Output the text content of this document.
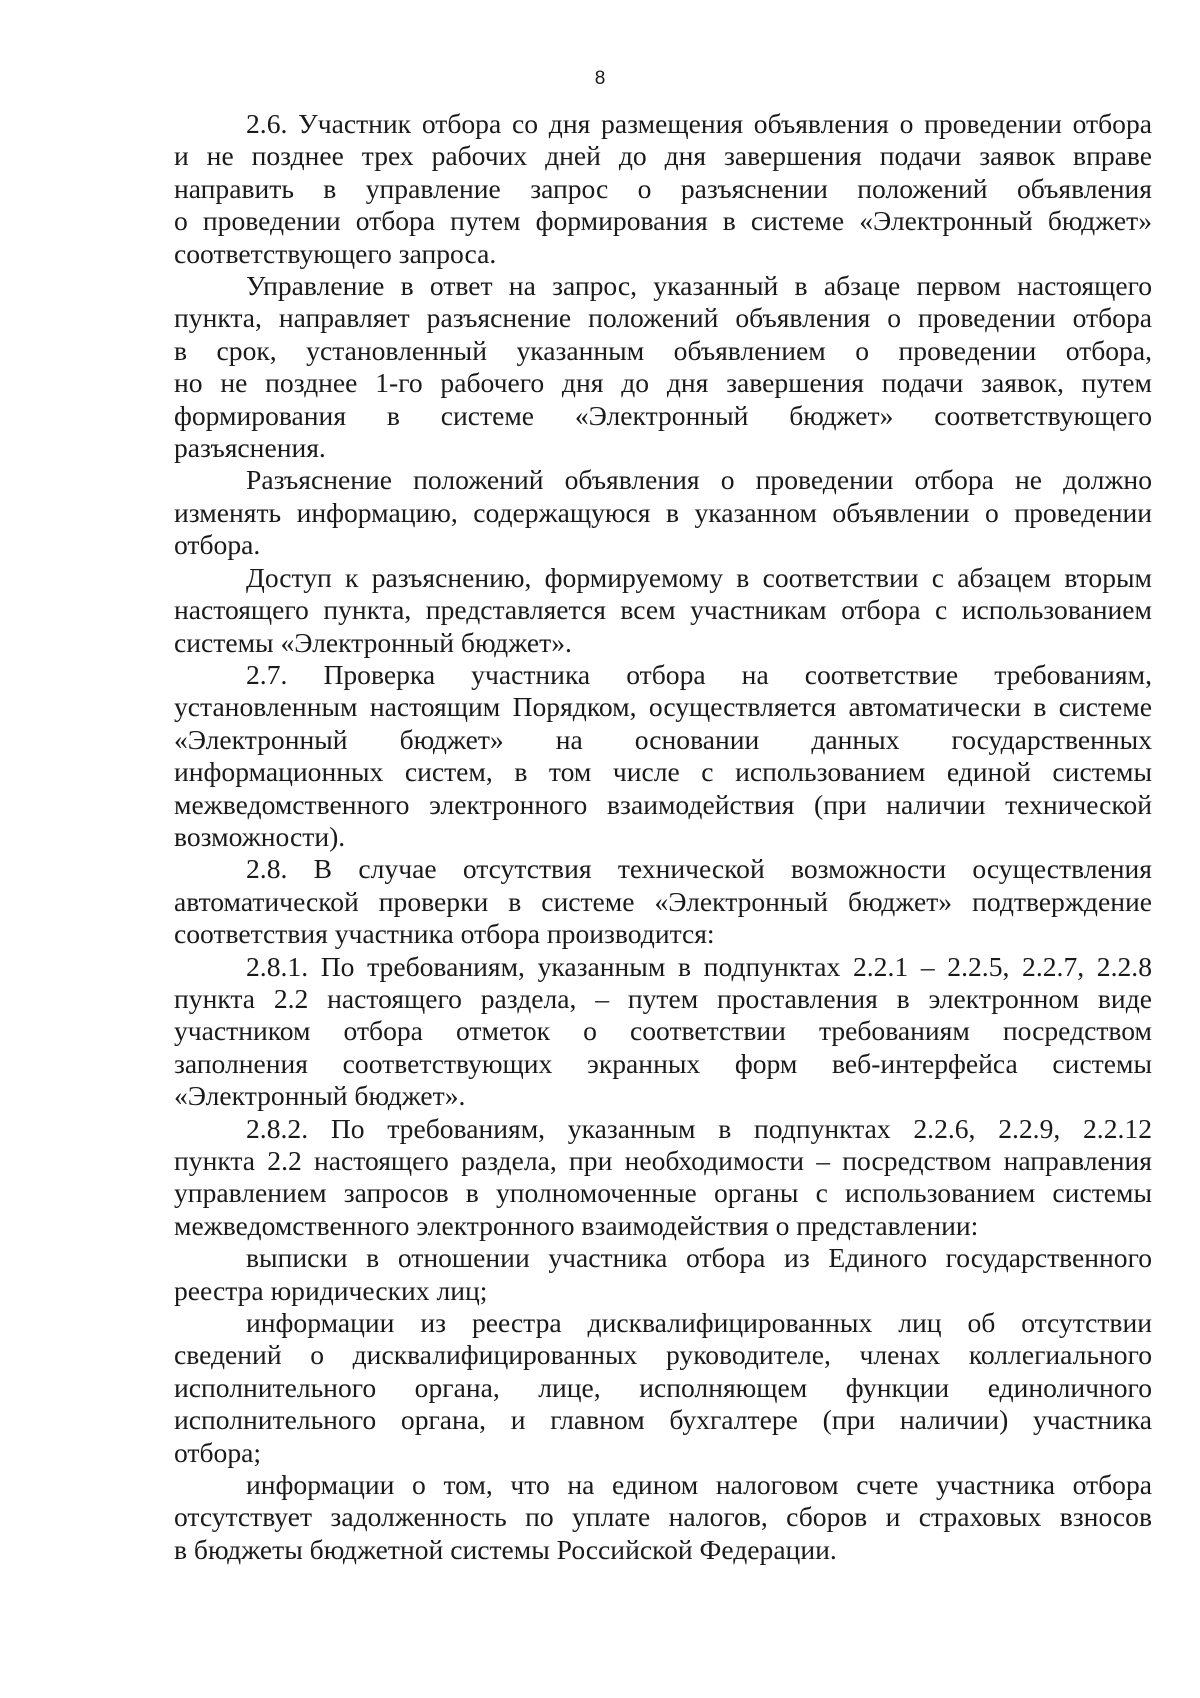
8
2.6. Участник отбора со дня размещения объявления о проведении отбора
и не позднее трех рабочих дней до дня завершения подачи заявок вправе
направить в управление запрос о разъяснении положений объявления
о проведении отбора путем формирования в системе «Электронный бюджет»
соответствующего запроса.
Управление в ответ на запрос, указанный в абзаце первом настоящего
пункта, направляет разъяснение положений объявления о проведении отбора
в срок, установленный указанным объявлением о проведении отбора,
но не позднее 1-го рабочего дня до дня завершения подачи заявок, путем
формирования в системе «Электронный бюджет» соответствующего
разъяснения.
Разъяснение положений объявления о проведении отбора не должно
изменять информацию, содержащуюся в указанном объявлении о проведении
отбора.
Доступ к разъяснению, формируемому в соответствии с абзацем вторым
настоящего пункта, представляется всем участникам отбора с использованием
системы «Электронный бюджет».
2.7. Проверка участника отбора на соответствие требованиям,
установленным настоящим Порядком, осуществляется автоматически в системе
«Электронный бюджет» на основании данных государственных
информационных систем, в том числе с использованием единой системы
межведомственного электронного взаимодействия (при наличии технической
возможности).
2.8. В случае отсутствия технической возможности осуществления
автоматической проверки в системе «Электронный бюджет» подтверждение
соответствия участника отбора производится:
2.8.1. По требованиям, указанным в подпунктах 2.2.1 – 2.2.5, 2.2.7, 2.2.8
пункта 2.2 настоящего раздела, – путем проставления в электронном виде
участником отбора отметок о соответствии требованиям посредством
заполнения соответствующих экранных форм веб-интерфейса системы
«Электронный бюджет».
2.8.2. По требованиям, указанным в подпунктах 2.2.6, 2.2.9, 2.2.12
пункта 2.2 настоящего раздела, при необходимости – посредством направления
управлением запросов в уполномоченные органы с использованием системы
межведомственного электронного взаимодействия о представлении:
выписки в отношении участника отбора из Единого государственного
реестра юридических лиц;
информации из реестра дисквалифицированных лиц об отсутствии
сведений о дисквалифицированных руководителе, членах коллегиального
исполнительного органа, лице, исполняющем функции единоличного
исполнительного органа, и главном бухгалтере (при наличии) участника
отбора;
информации о том, что на едином налоговом счете участника отбора
отсутствует задолженность по уплате налогов, сборов и страховых взносов
в бюджеты бюджетной системы Российской Федерации.
